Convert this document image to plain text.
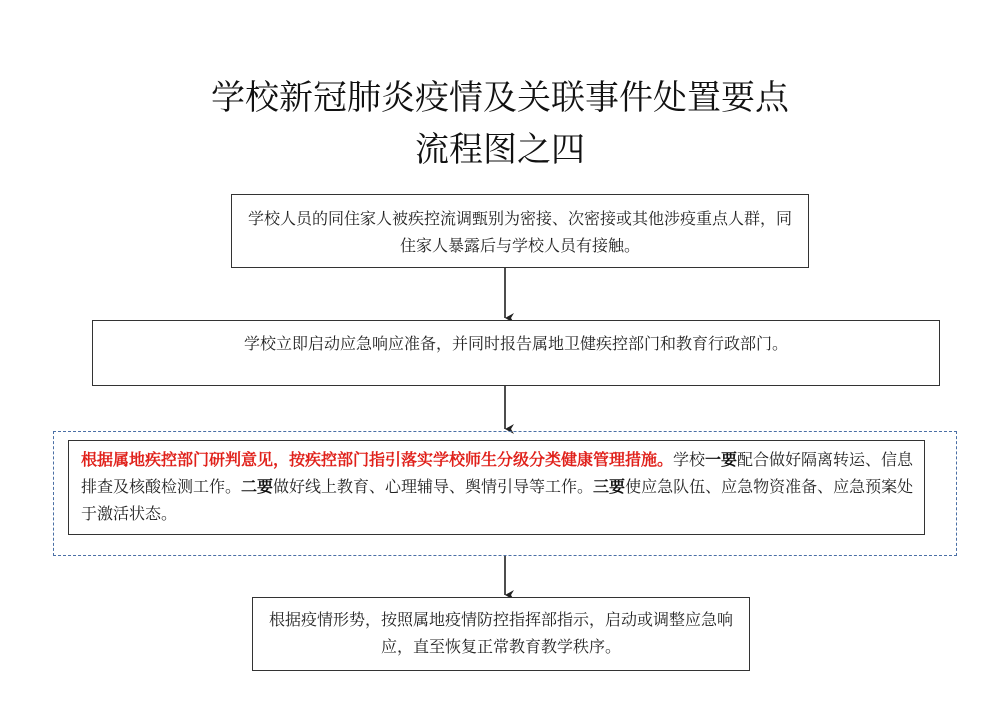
学校新冠肺炎疫情及关联事件处置要点
流程图之四
学校人员的同住家人被疾控流调甄别为密接、次密接或其他涉疫重点人群，同住家人暴露后与学校人员有接触。
学校立即启动应急响应准备，并同时报告属地卫健疾控部门和教育行政部门。
根据属地疾控部门研判意见，按疾控部门指引落实学校师生分级分类健康管理措施。学校一要配合做好隔离转运、信息排查及核酸检测工作。二要做好线上教育、心理辅导、舆情引导等工作。三要使应急队伍、应急物资准备、应急预案处于激活状态。
根据疫情形势，按照属地疫情防控指挥部指示，启动或调整应急响应，直至恢复正常教育教学秩序。
